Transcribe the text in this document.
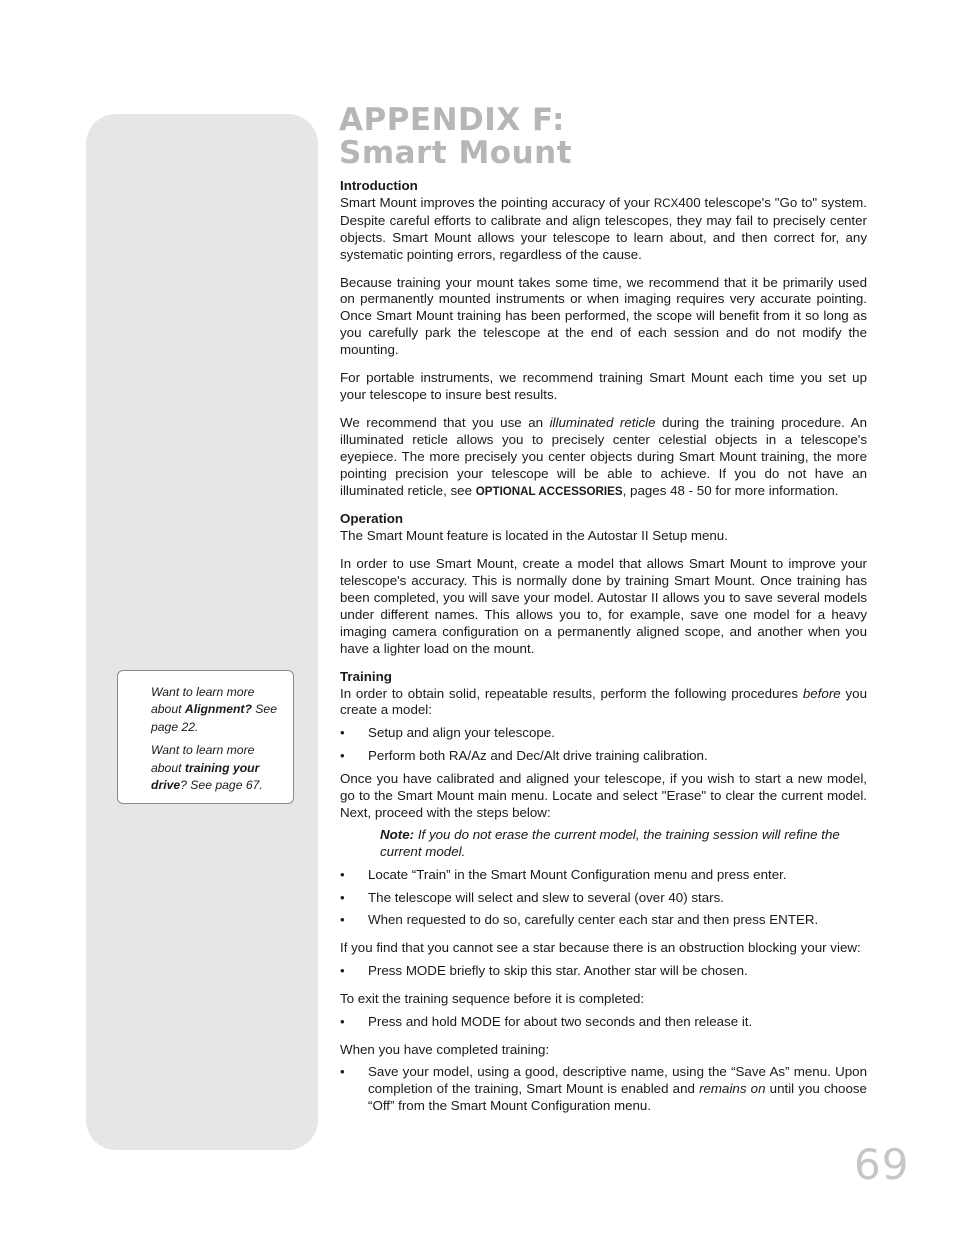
Want to learn more about Alignment? See page 22.

Want to learn more about training your drive? See page 67.

APPENDIX F:
Smart Mount
Introduction

Smart Mount improves the pointing accuracy of your RCX400 telescope's "Go to" system. Despite careful efforts to calibrate and align telescopes, they may fail to precisely center objects. Smart Mount allows your telescope to learn about, and then correct for, any systematic pointing errors, regardless of the cause.

Because training your mount takes some time, we recommend that it be primarily used on permanently mounted instruments or when imaging requires very accurate pointing. Once Smart Mount training has been performed, the scope will benefit from it so long as you carefully park the telescope at the end of each session and do not modify the mounting.

For portable instruments, we recommend training Smart Mount each time you set up your telescope to insure best results.

We recommend that you use an illuminated reticle during the training procedure. An illuminated reticle allows you to precisely center celestial objects in a telescope's eyepiece. The more precisely you center objects during Smart Mount training, the more pointing precision your telescope will be able to achieve. If you do not have an illuminated reticle, see OPTIONAL ACCESSORIES, pages 48 - 50 for more information.

Operation

The Smart Mount feature is located in the Autostar II Setup menu.

In order to use Smart Mount, create a model that allows Smart Mount to improve your telescope's accuracy. This is normally done by training Smart Mount. Once training has been completed, you will save your model. Autostar II allows you to save several models under different names. This allows you to, for example, save one model for a heavy imaging camera configuration on a permanently aligned scope, and another when you have a lighter load on the mount.

Training

In order to obtain solid, repeatable results, perform the following procedures before you create a model:

• Setup and align your telescope.
• Perform both RA/Az and Dec/Alt drive training calibration.

Once you have calibrated and aligned your telescope, if you wish to start a new model, go to the Smart Mount main menu. Locate and select "Erase" to clear the current model. Next, proceed with the steps below:

Note: If you do not erase the current model, the training session will refine the current model.
• Locate “Train” in the Smart Mount Configuration menu and press enter.
• The telescope will select and slew to several (over 40) stars.
• When requested to do so, carefully center each star and then press ENTER.

If you find that you cannot see a star because there is an obstruction blocking your view:

• Press MODE briefly to skip this star. Another star will be chosen.

To exit the training sequence before it is completed:

• Press and hold MODE for about two seconds and then release it.

When you have completed training:

• Save your model, using a good, descriptive name, using the “Save As” menu. Upon completion of the training, Smart Mount is enabled and remains on until you choose “Off” from the Smart Mount Configuration menu.
69
